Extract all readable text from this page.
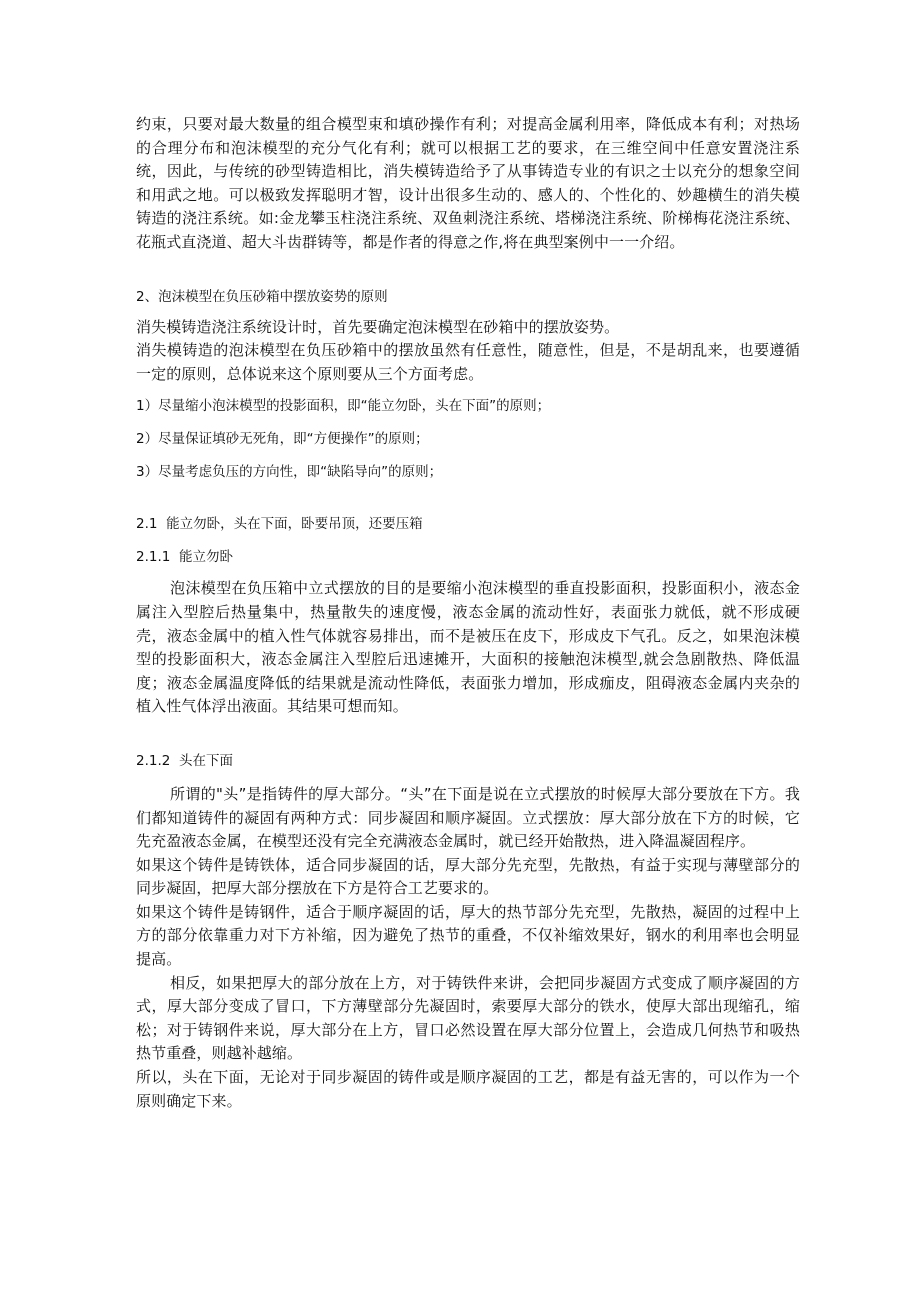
约束，只要对最大数量的组合模型束和填砂操作有利；对提高金属利用率，降低成本有利；对热场的合理分布和泡沫模型的充分气化有利；就可以根据工艺的要求，在三维空间中任意安置浇注系统，因此，与传统的砂型铸造相比，消失模铸造给予了从事铸造专业的有识之士以充分的想象空间和用武之地。可以极致发挥聪明才智，设计出很多生动的、感人的、个性化的、妙趣横生的消失模铸造的浇注系统。如:金龙攀玉柱浇注系统、双鱼刺浇注系统、塔梯浇注系统、阶梯梅花浇注系统、花瓶式直浇道、超大斗齿群铸等，都是作者的得意之作,将在典型案例中一一介绍。

2、泡沫模型在负压砂箱中摆放姿势的原则

消失模铸造浇注系统设计时，首先要确定泡沫模型在砂箱中的摆放姿势。

消失模铸造的泡沫模型在负压砂箱中的摆放虽然有任意性，随意性，但是，不是胡乱来，也要遵循一定的原则，总体说来这个原则要从三个方面考虑。

1）尽量缩小泡沫模型的投影面积，即“能立勿卧，头在下面”的原则；

2）尽量保证填砂无死角，即“方便操作”的原则；

3）尽量考虑负压的方向性，即“缺陷导向”的原则；

2.1 能立勿卧，头在下面，卧要吊顶，还要压箱

2.1.1 能立勿卧

泡沫模型在负压箱中立式摆放的目的是要缩小泡沫模型的垂直投影面积，投影面积小，液态金属注入型腔后热量集中，热量散失的速度慢，液态金属的流动性好，表面张力就低，就不形成硬壳，液态金属中的植入性气体就容易排出，而不是被压在皮下，形成皮下气孔。反之，如果泡沫模型的投影面积大，液态金属注入型腔后迅速摊开，大面积的接触泡沫模型,就会急剧散热、降低温度；液态金属温度降低的结果就是流动性降低，表面张力增加，形成痂皮，阻碍液态金属内夹杂的植入性气体浮出液面。其结果可想而知。

2.1.2 头在下面

所谓的"头”是指铸件的厚大部分。“头”在下面是说在立式摆放的时候厚大部分要放在下方。我们都知道铸件的凝固有两种方式：同步凝固和顺序凝固。立式摆放：厚大部分放在下方的时候，它先充盈液态金属，在模型还没有完全充满液态金属时，就已经开始散热，进入降温凝固程序。

如果这个铸件是铸铁体，适合同步凝固的话，厚大部分先充型，先散热，有益于实现与薄壁部分的同步凝固，把厚大部分摆放在下方是符合工艺要求的。

如果这个铸件是铸钢件，适合于顺序凝固的话，厚大的热节部分先充型，先散热，凝固的过程中上方的部分依靠重力对下方补缩，因为避免了热节的重叠，不仅补缩效果好，钢水的利用率也会明显提高。

相反，如果把厚大的部分放在上方，对于铸铁件来讲，会把同步凝固方式变成了顺序凝固的方式，厚大部分变成了冒口，下方薄壁部分先凝固时，索要厚大部分的铁水，使厚大部出现缩孔，缩松；对于铸钢件来说，厚大部分在上方，冒口必然设置在厚大部分位置上，会造成几何热节和吸热热节重叠，则越补越缩。

所以，头在下面，无论对于同步凝固的铸件或是顺序凝固的工艺，都是有益无害的，可以作为一个原则确定下来。
